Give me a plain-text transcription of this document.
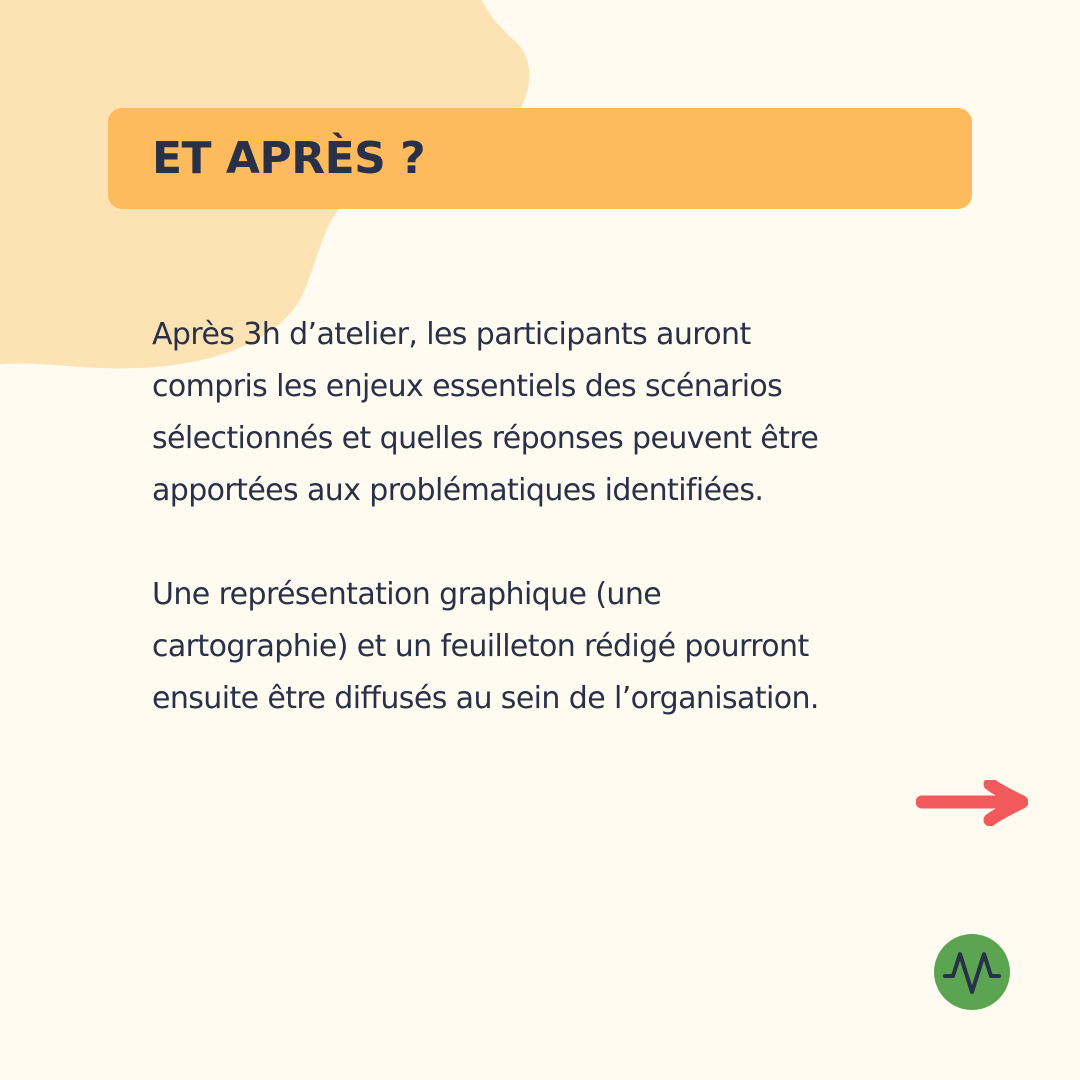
ET APRÈS ?

Après 3h d’atelier, les participants auront compris les enjeux essentiels des scénarios sélectionnés et quelles réponses peuvent être apportées aux problématiques identifiées.

Une représentation graphique (une cartographie) et un feuilleton rédigé pourront ensuite être diffusés au sein de l’organisation.
